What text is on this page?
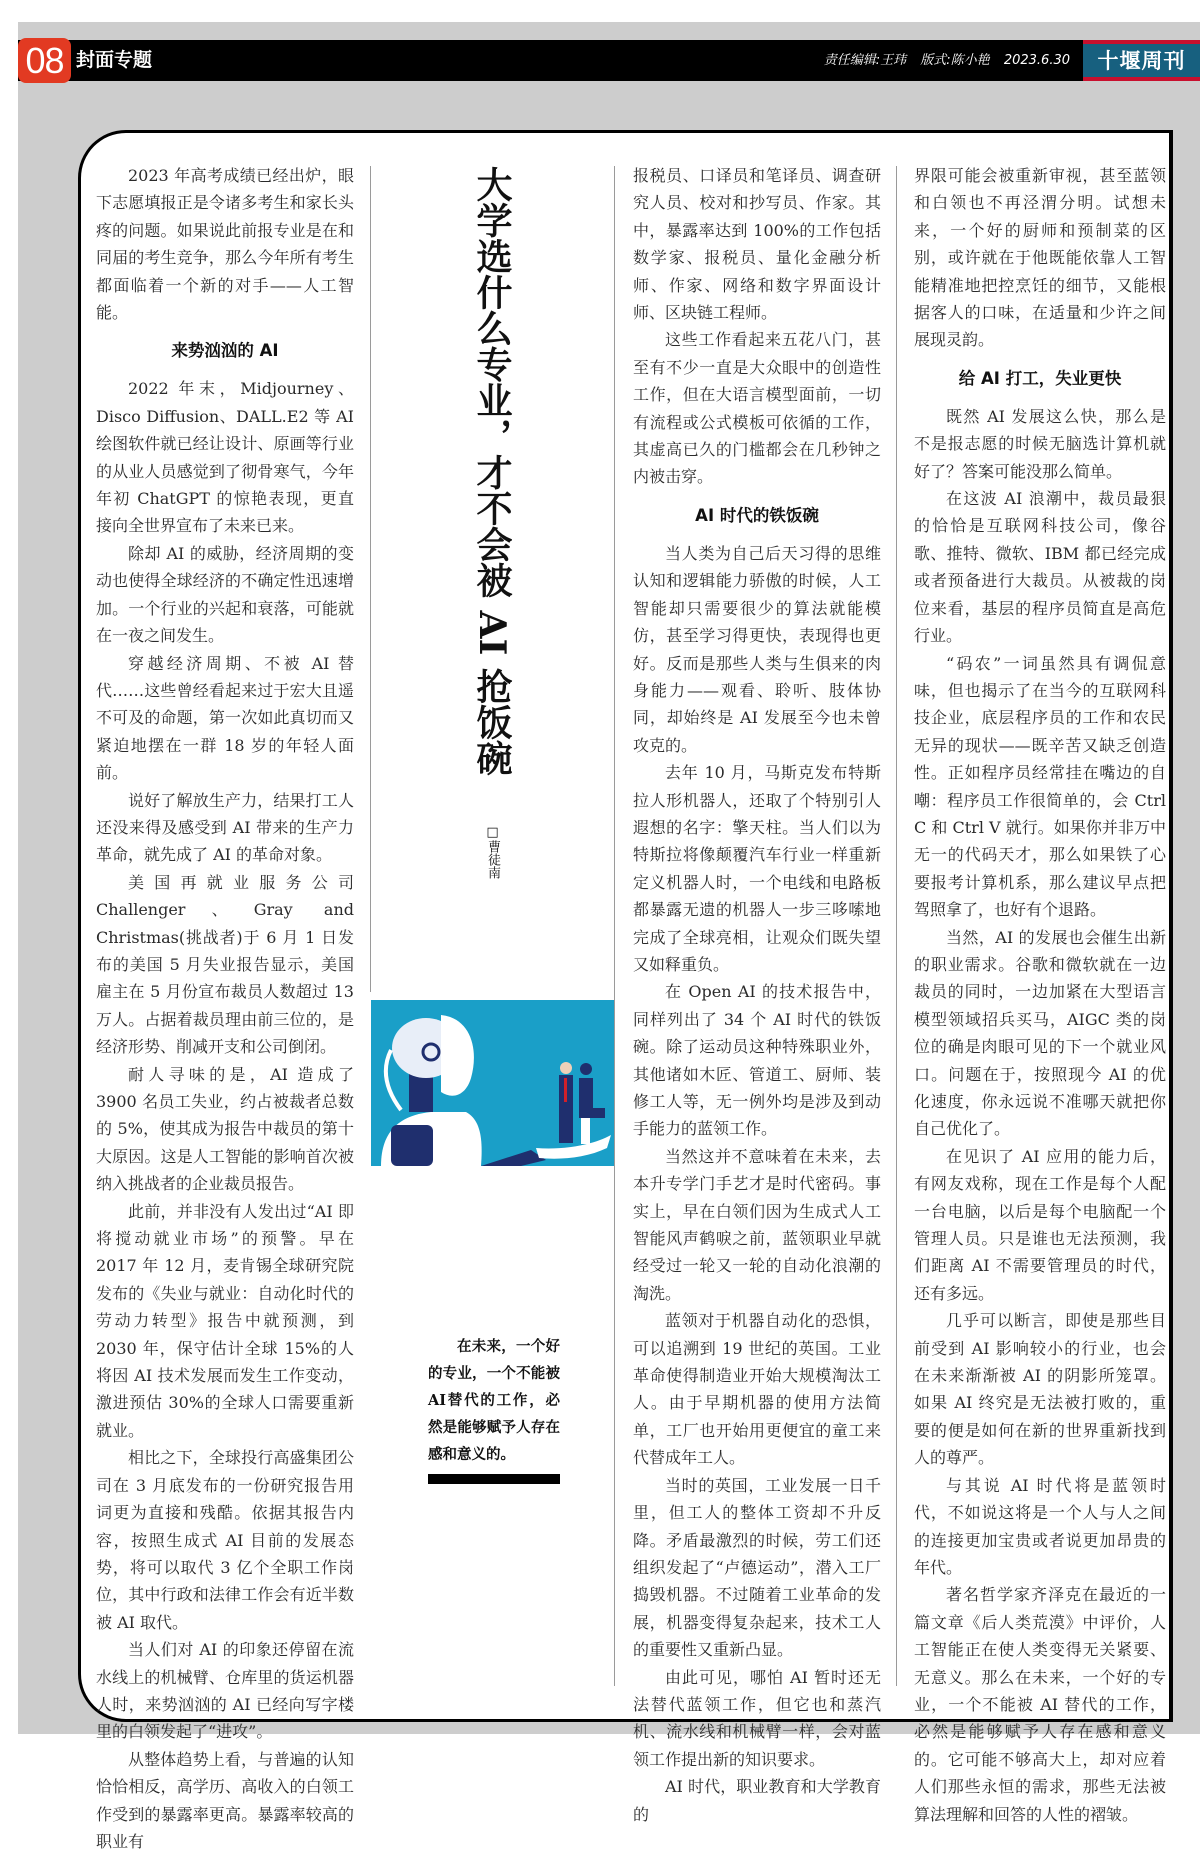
08 封面专题	责任编辑:王玮 版式:陈小艳 2023.6.30	十堰周刊

2023 年高考成绩已经出炉，眼下志愿填报正是令诸多考生和家长头疼的问题。如果说此前报专业是在和同届的考生竞争，那么今年所有考生都面临着一个新的对手——人工智能。

来势汹汹的 AI

2022 年末，Midjourney、Disco Diffusion、DALL.E2 等 AI 绘图软件就已经让设计、原画等行业的从业人员感觉到了彻骨寒气，今年年初 ChatGPT 的惊艳表现，更直接向全世界宣布了未来已来。

除却 AI 的威胁，经济周期的变动也使得全球经济的不确定性迅速增加。一个行业的兴起和衰落，可能就在一夜之间发生。

穿越经济周期、不被 AI 替代……这些曾经看起来过于宏大且遥不可及的命题，第一次如此真切而又紧迫地摆在一群 18 岁的年轻人面前。

说好了解放生产力，结果打工人还没来得及感受到 AI 带来的生产力革命，就先成了 AI 的革命对象。

美国再就业服务公司 Challenger、Gray and Christmas(挑战者)于 6 月 1 日发布的美国 5 月失业报告显示，美国雇主在 5 月份宣布裁员人数超过 13 万人。占据着裁员理由前三位的，是经济形势、削减开支和公司倒闭。

耐人寻味的是，AI 造成了 3900 名员工失业，约占被裁者总数的 5%，使其成为报告中裁员的第十大原因。这是人工智能的影响首次被纳入挑战者的企业裁员报告。

此前，并非没有人发出过“AI 即将搅动就业市场”的预警。早在 2017 年 12 月，麦肯锡全球研究院发布的《失业与就业：自动化时代的劳动力转型》报告中就预测，到 2030 年，保守估计全球 15%的人将因 AI 技术发展而发生工作变动，激进预估 30%的全球人口需要重新就业。

相比之下，全球投行高盛集团公司在 3 月底发布的一份研究报告用词更为直接和残酷。依据其报告内容，按照生成式 AI 目前的发展态势，将可以取代 3 亿个全职工作岗位，其中行政和法律工作会有近半数被 AI 取代。

当人们对 AI 的印象还停留在流水线上的机械臂、仓库里的货运机器人时，来势汹汹的 AI 已经向写字楼里的白领发起了“进攻”。

从整体趋势上看，与普遍的认知恰恰相反，高学历、高收入的白领工作受到的暴露率更高。暴露率较高的职业有

大学选什么专业，才不会被 AI 抢饭碗
□曹徒南

在未来，一个好的专业，一个不能被AI替代的工作，必然是能够赋予人存在感和意义的。

报税员、口译员和笔译员、调查研究人员、校对和抄写员、作家。其中，暴露率达到 100%的工作包括数学家、报税员、量化金融分析师、作家、网络和数字界面设计师、区块链工程师。

这些工作看起来五花八门，甚至有不少一直是大众眼中的创造性工作，但在大语言模型面前，一切有流程或公式模板可依循的工作，其虚高已久的门槛都会在几秒钟之内被击穿。

AI 时代的铁饭碗

当人类为自己后天习得的思维认知和逻辑能力骄傲的时候，人工智能却只需要很少的算法就能模仿，甚至学习得更快，表现得也更好。反而是那些人类与生俱来的肉身能力——观看、聆听、肢体协同，却始终是 AI 发展至今也未曾攻克的。

去年 10 月，马斯克发布特斯拉人形机器人，还取了个特别引人遐想的名字：擎天柱。当人们以为特斯拉将像颠覆汽车行业一样重新定义机器人时，一个电线和电路板都暴露无遗的机器人一步三哆嗦地完成了全球亮相，让观众们既失望又如释重负。

在 Open AI 的技术报告中，同样列出了 34 个 AI 时代的铁饭碗。除了运动员这种特殊职业外，其他诸如木匠、管道工、厨师、装修工人等，无一例外均是涉及到动手能力的蓝领工作。

当然这并不意味着在未来，去本升专学门手艺才是时代密码。事实上，早在白领们因为生成式人工智能风声鹤唳之前，蓝领职业早就经受过一轮又一轮的自动化浪潮的淘洗。

蓝领对于机器自动化的恐惧，可以追溯到 19 世纪的英国。工业革命使得制造业开始大规模淘汰工人。由于早期机器的使用方法简单，工厂也开始用更便宜的童工来代替成年工人。

当时的英国，工业发展一日千里，但工人的整体工资却不升反降。矛盾最激烈的时候，劳工们还组织发起了“卢德运动”，潜入工厂捣毁机器。不过随着工业革命的发展，机器变得复杂起来，技术工人的重要性又重新凸显。

由此可见，哪怕 AI 暂时还无法替代蓝领工作，但它也和蒸汽机、流水线和机械臂一样，会对蓝领工作提出新的知识要求。

AI 时代，职业教育和大学教育的

界限可能会被重新审视，甚至蓝领和白领也不再泾渭分明。试想未来，一个好的厨师和预制菜的区别，或许就在于他既能依靠人工智能精准地把控烹饪的细节，又能根据客人的口味，在适量和少许之间展现灵韵。

给 AI 打工，失业更快

既然 AI 发展这么快，那么是不是报志愿的时候无脑选计算机就好了？答案可能没那么简单。

在这波 AI 浪潮中，裁员最狠的恰恰是互联网科技公司，像谷歌、推特、微软、IBM 都已经完成或者预备进行大裁员。从被裁的岗位来看，基层的程序员简直是高危行业。

“码农”一词虽然具有调侃意味，但也揭示了在当今的互联网科技企业，底层程序员的工作和农民无异的现状——既辛苦又缺乏创造性。正如程序员经常挂在嘴边的自嘲：程序员工作很简单的，会 Ctrl C 和 Ctrl V 就行。如果你并非万中无一的代码天才，那么如果铁了心要报考计算机系，那么建议早点把驾照拿了，也好有个退路。

当然，AI 的发展也会催生出新的职业需求。谷歌和微软就在一边裁员的同时，一边加紧在大型语言模型领域招兵买马，AIGC 类的岗位的确是肉眼可见的下一个就业风口。问题在于，按照现今 AI 的优化速度，你永远说不准哪天就把你自己优化了。

在见识了 AI 应用的能力后，有网友戏称，现在工作是每个人配一台电脑，以后是每个电脑配一个管理人员。只是谁也无法预测，我们距离 AI 不需要管理员的时代，还有多远。

几乎可以断言，即使是那些目前受到 AI 影响较小的行业，也会在未来渐渐被 AI 的阴影所笼罩。如果 AI 终究是无法被打败的，重要的便是如何在新的世界重新找到人的尊严。

与其说 AI 时代将是蓝领时代，不如说这将是一个人与人之间的连接更加宝贵或者说更加昂贵的年代。

著名哲学家齐泽克在最近的一篇文章《后人类荒漠》中评价，人工智能正在使人类变得无关紧要、无意义。那么在未来，一个好的专业，一个不能被 AI 替代的工作，必然是能够赋予人存在感和意义的。它可能不够高大上，却对应着人们那些永恒的需求，那些无法被算法理解和回答的人性的褶皱。
